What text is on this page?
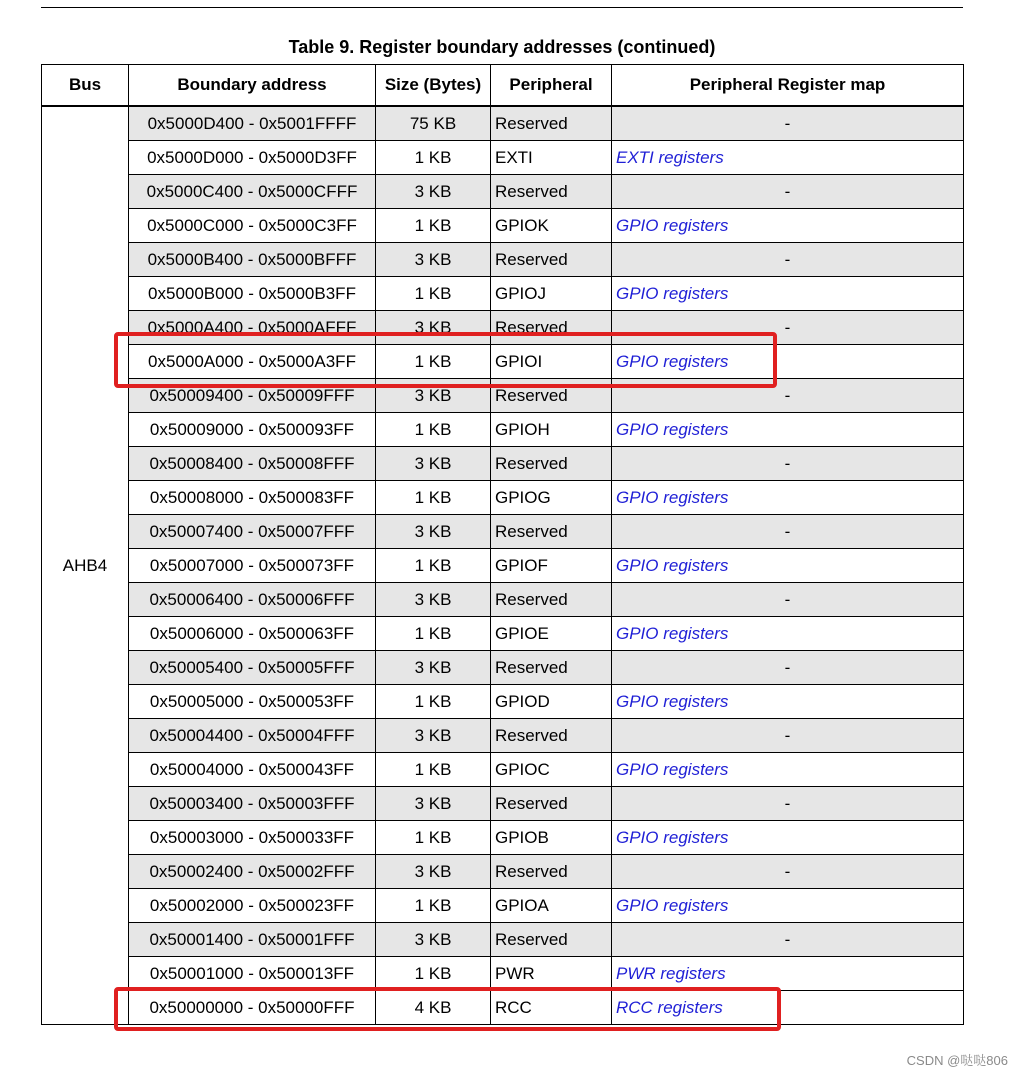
Table 9. Register boundary addresses (continued)
Bus	Boundary address	Size (Bytes)	Peripheral	Peripheral Register map
AHB4	0x5000D400 - 0x5001FFFF	75 KB	Reserved	-
	0x5000D000 - 0x5000D3FF	1 KB	EXTI	EXTI registers
	0x5000C400 - 0x5000CFFF	3 KB	Reserved	-
	0x5000C000 - 0x5000C3FF	1 KB	GPIOK	GPIO registers
	0x5000B400 - 0x5000BFFF	3 KB	Reserved	-
	0x5000B000 - 0x5000B3FF	1 KB	GPIOJ	GPIO registers
	0x5000A400 - 0x5000AFFF	3 KB	Reserved	-
	0x5000A000 - 0x5000A3FF	1 KB	GPIOI	GPIO registers
	0x50009400 - 0x50009FFF	3 KB	Reserved	-
	0x50009000 - 0x500093FF	1 KB	GPIOH	GPIO registers
	0x50008400 - 0x50008FFF	3 KB	Reserved	-
	0x50008000 - 0x500083FF	1 KB	GPIOG	GPIO registers
	0x50007400 - 0x50007FFF	3 KB	Reserved	-
	0x50007000 - 0x500073FF	1 KB	GPIOF	GPIO registers
	0x50006400 - 0x50006FFF	3 KB	Reserved	-
	0x50006000 - 0x500063FF	1 KB	GPIOE	GPIO registers
	0x50005400 - 0x50005FFF	3 KB	Reserved	-
	0x50005000 - 0x500053FF	1 KB	GPIOD	GPIO registers
	0x50004400 - 0x50004FFF	3 KB	Reserved	-
	0x50004000 - 0x500043FF	1 KB	GPIOC	GPIO registers
	0x50003400 - 0x50003FFF	3 KB	Reserved	-
	0x50003000 - 0x500033FF	1 KB	GPIOB	GPIO registers
	0x50002400 - 0x50002FFF	3 KB	Reserved	-
	0x50002000 - 0x500023FF	1 KB	GPIOA	GPIO registers
	0x50001400 - 0x50001FFF	3 KB	Reserved	-
	0x50001000 - 0x500013FF	1 KB	PWR	PWR registers
	0x50000000 - 0x50000FFF	4 KB	RCC	RCC registers
CSDN @哒哒806
